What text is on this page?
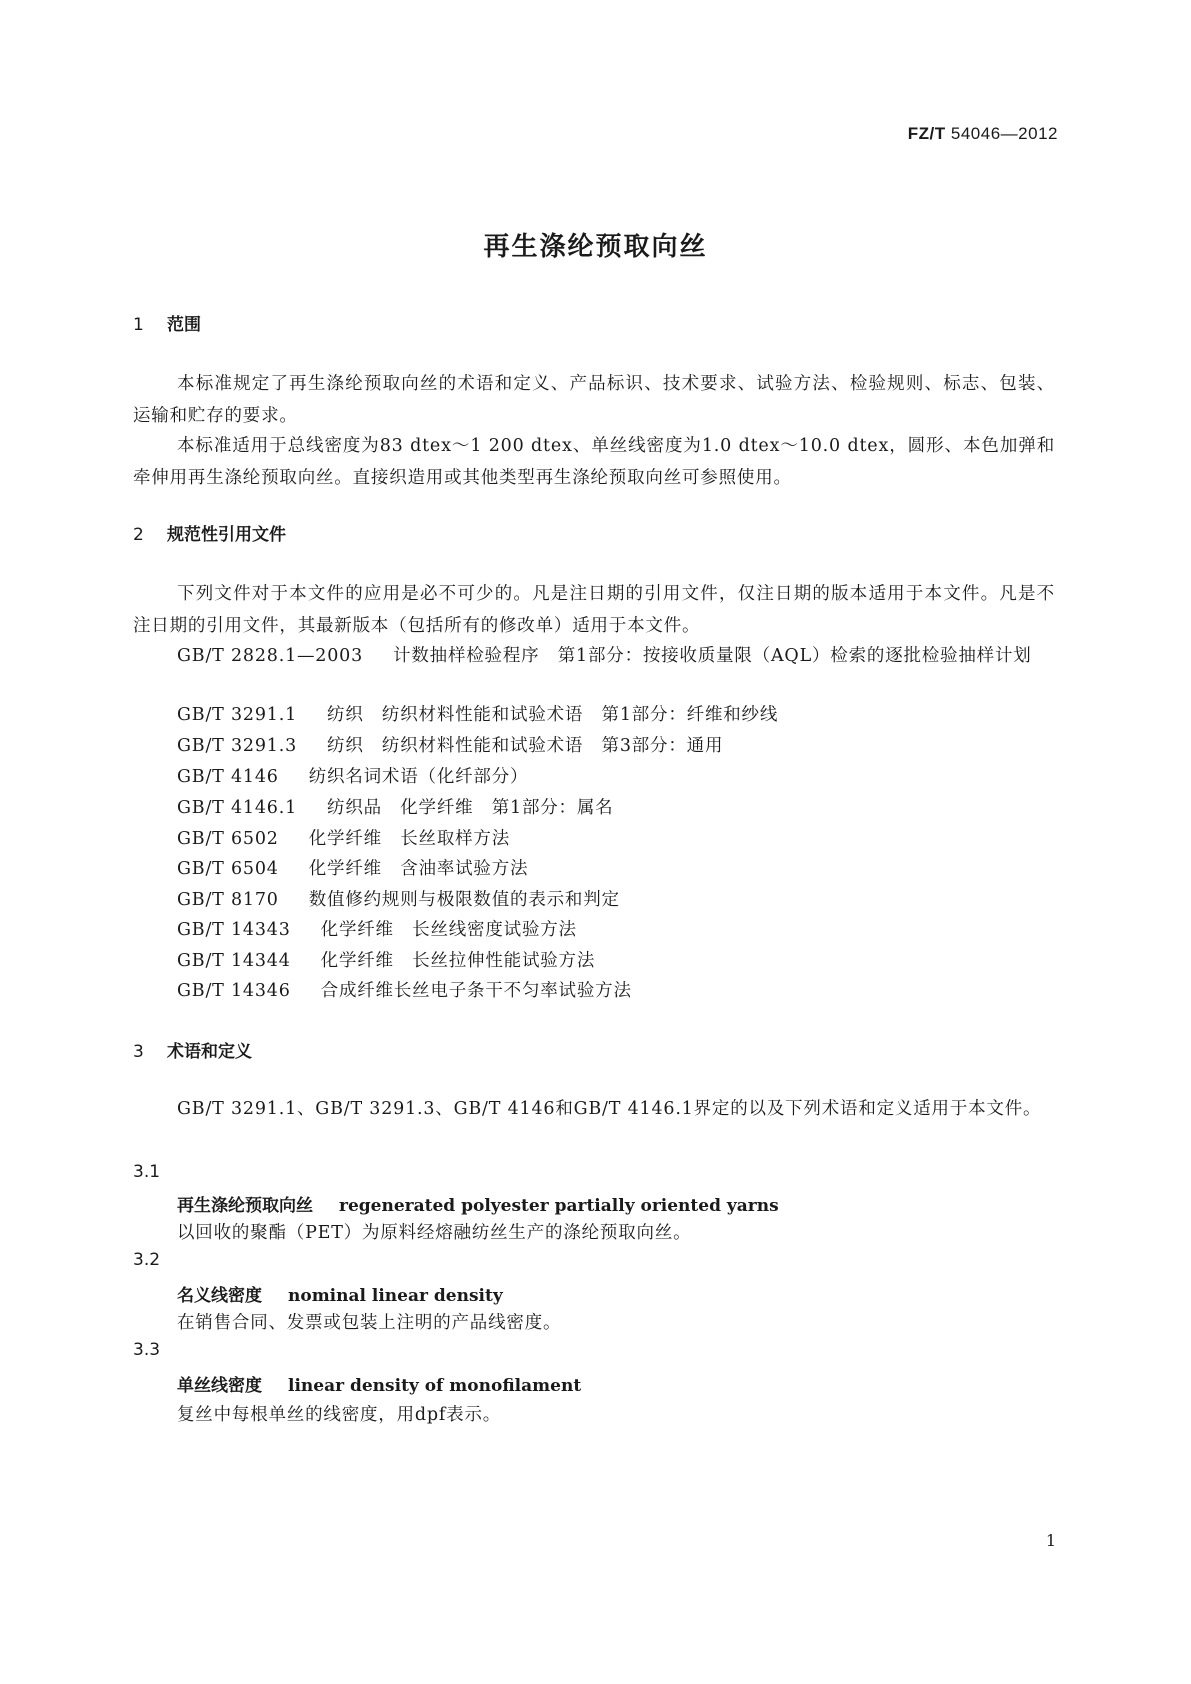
FZ/T 54046—2012
再生涤纶预取向丝
1 范围
本标准规定了再生涤纶预取向丝的术语和定义、产品标识、技术要求、试验方法、检验规则、标志、包装、运输和贮存的要求。
本标准适用于总线密度为83 dtex～1 200 dtex、单丝线密度为1.0 dtex～10.0 dtex，圆形、本色加弹和牵伸用再生涤纶预取向丝。直接织造用或其他类型再生涤纶预取向丝可参照使用。
2 规范性引用文件
下列文件对于本文件的应用是必不可少的。凡是注日期的引用文件，仅注日期的版本适用于本文件。凡是不注日期的引用文件，其最新版本（包括所有的修改单）适用于本文件。
GB/T 2828.1—2003 计数抽样检验程序　第1部分：按接收质量限（AQL）检索的逐批检验抽样计划
GB/T 3291.1 纺织　纺织材料性能和试验术语　第1部分：纤维和纱线
GB/T 3291.3 纺织　纺织材料性能和试验术语　第3部分：通用
GB/T 4146 纺织名词术语（化纤部分）
GB/T 4146.1 纺织品　化学纤维　第1部分：属名
GB/T 6502 化学纤维　长丝取样方法
GB/T 6504 化学纤维　含油率试验方法
GB/T 8170 数值修约规则与极限数值的表示和判定
GB/T 14343 化学纤维　长丝线密度试验方法
GB/T 14344 化学纤维　长丝拉伸性能试验方法
GB/T 14346 合成纤维长丝电子条干不匀率试验方法
3 术语和定义
GB/T 3291.1、GB/T 3291.3、GB/T 4146和GB/T 4146.1界定的以及下列术语和定义适用于本文件。
3.1
再生涤纶预取向丝 regenerated polyester partially oriented yarns
以回收的聚酯（PET）为原料经熔融纺丝生产的涤纶预取向丝。
3.2
名义线密度 nominal linear density
在销售合同、发票或包装上注明的产品线密度。
3.3
单丝线密度 linear density of monofilament
复丝中每根单丝的线密度，用dpf表示。
1
